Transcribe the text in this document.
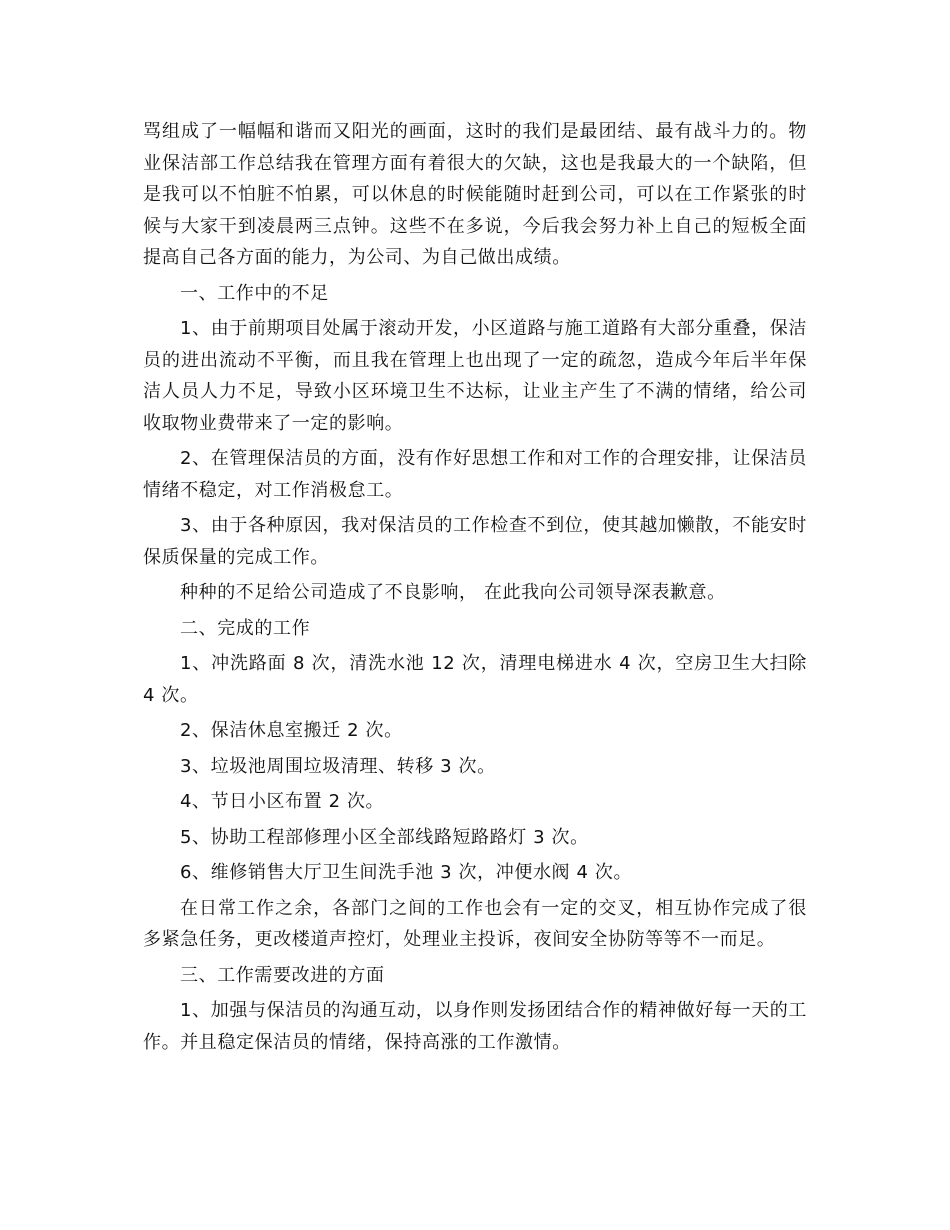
骂组成了一幅幅和谐而又阳光的画面，这时的我们是最团结、最有战斗力的。物业保洁部工作总结我在管理方面有着很大的欠缺，这也是我最大的一个缺陷，但是我可以不怕脏不怕累，可以休息的时候能随时赶到公司，可以在工作紧张的时候与大家干到凌晨两三点钟。这些不在多说，今后我会努力补上自己的短板全面提高自己各方面的能力，为公司、为自己做出成绩。

一、工作中的不足

1、由于前期项目处属于滚动开发，小区道路与施工道路有大部分重叠，保洁员的进出流动不平衡，而且我在管理上也出现了一定的疏忽，造成今年后半年保洁人员人力不足，导致小区环境卫生不达标，让业主产生了不满的情绪，给公司收取物业费带来了一定的影响。

2、在管理保洁员的方面，没有作好思想工作和对工作的合理安排，让保洁员情绪不稳定，对工作消极怠工。

3、由于各种原因，我对保洁员的工作检查不到位，使其越加懒散，不能安时保质保量的完成工作。

种种的不足给公司造成了不良影响， 在此我向公司领导深表歉意。

二、完成的工作

1、冲洗路面 8 次，清洗水池 12 次，清理电梯进水 4 次，空房卫生大扫除 4 次。

2、保洁休息室搬迁 2 次。

3、垃圾池周围垃圾清理、转移 3 次。

4、节日小区布置 2 次。

5、协助工程部修理小区全部线路短路路灯 3 次。

6、维修销售大厅卫生间洗手池 3 次，冲便水阀 4 次。

在日常工作之余，各部门之间的工作也会有一定的交叉，相互协作完成了很多紧急任务，更改楼道声控灯，处理业主投诉，夜间安全协防等等不一而足。

三、工作需要改进的方面

1、加强与保洁员的沟通互动，以身作则发扬团结合作的精神做好每一天的工作。并且稳定保洁员的情绪，保持高涨的工作激情。
